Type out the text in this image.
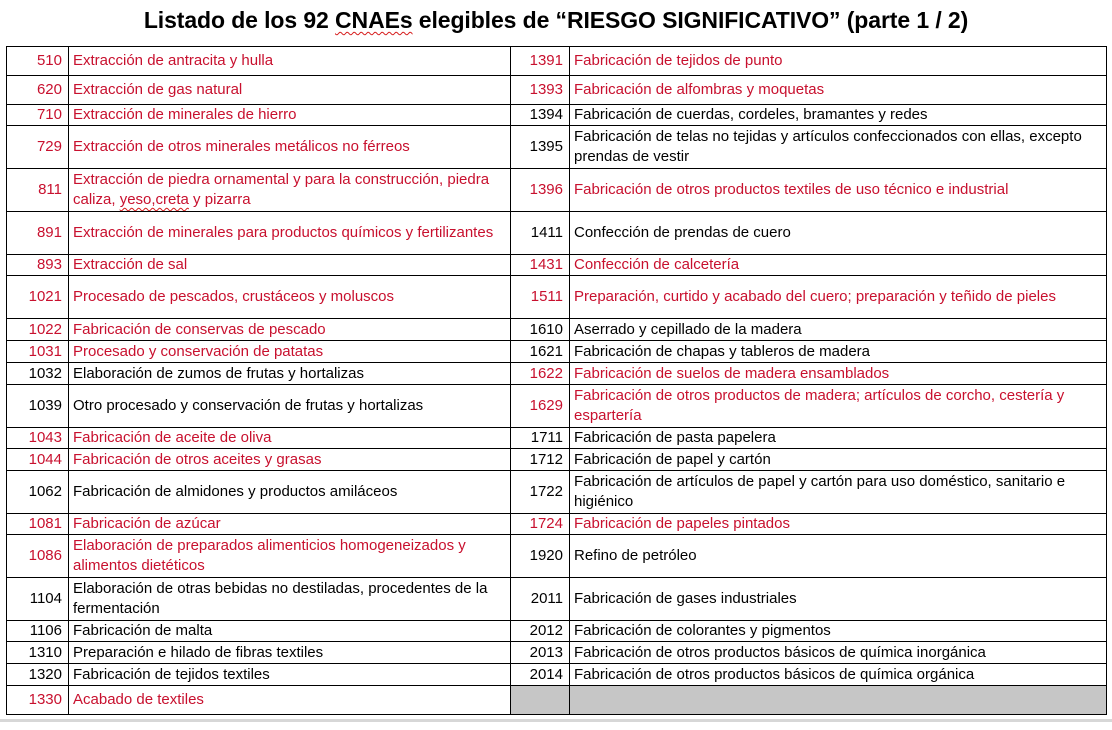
Listado de los 92 CNAEs elegibles de “RIESGO SIGNIFICATIVO” (parte 1 / 2)
510	Extracción de antracita y hulla	1391	Fabricación de tejidos de punto
620	Extracción de gas natural	1393	Fabricación de alfombras y moquetas
710	Extracción de minerales de hierro	1394	Fabricación de cuerdas, cordeles, bramantes y redes
729	Extracción de otros minerales metálicos no férreos	1395	Fabricación de telas no tejidas y artículos confeccionados con ellas, excepto prendas de vestir
811	Extracción de piedra ornamental y para la construcción, piedra caliza, yeso,creta y pizarra	1396	Fabricación de otros productos textiles de uso técnico e industrial
891	Extracción de minerales para productos químicos y fertilizantes	1411	Confección de prendas de cuero
893	Extracción de sal	1431	Confección de calcetería
1021	Procesado de pescados, crustáceos y moluscos	1511	Preparación, curtido y acabado del cuero; preparación y teñido de pieles
1022	Fabricación de conservas de pescado	1610	Aserrado y cepillado de la madera
1031	Procesado y conservación de patatas	1621	Fabricación de chapas y tableros de madera
1032	Elaboración de zumos de frutas y hortalizas	1622	Fabricación de suelos de madera ensamblados
1039	Otro procesado y conservación de frutas y hortalizas	1629	Fabricación de otros productos de madera; artículos de corcho, cestería y espartería
1043	Fabricación de aceite de oliva	1711	Fabricación de pasta papelera
1044	Fabricación de otros aceites y grasas	1712	Fabricación de papel y cartón
1062	Fabricación de almidones y productos amiláceos	1722	Fabricación de artículos de papel y cartón para uso doméstico, sanitario e higiénico
1081	Fabricación de azúcar	1724	Fabricación de papeles pintados
1086	Elaboración de preparados alimenticios homogeneizados y alimentos dietéticos	1920	Refino de petróleo
1104	Elaboración de otras bebidas no destiladas, procedentes de la fermentación	2011	Fabricación de gases industriales
1106	Fabricación de malta	2012	Fabricación de colorantes y pigmentos
1310	Preparación e hilado de fibras textiles	2013	Fabricación de otros productos básicos de química inorgánica
1320	Fabricación de tejidos textiles	2014	Fabricación de otros productos básicos de química orgánica
1330	Acabado de textiles		
